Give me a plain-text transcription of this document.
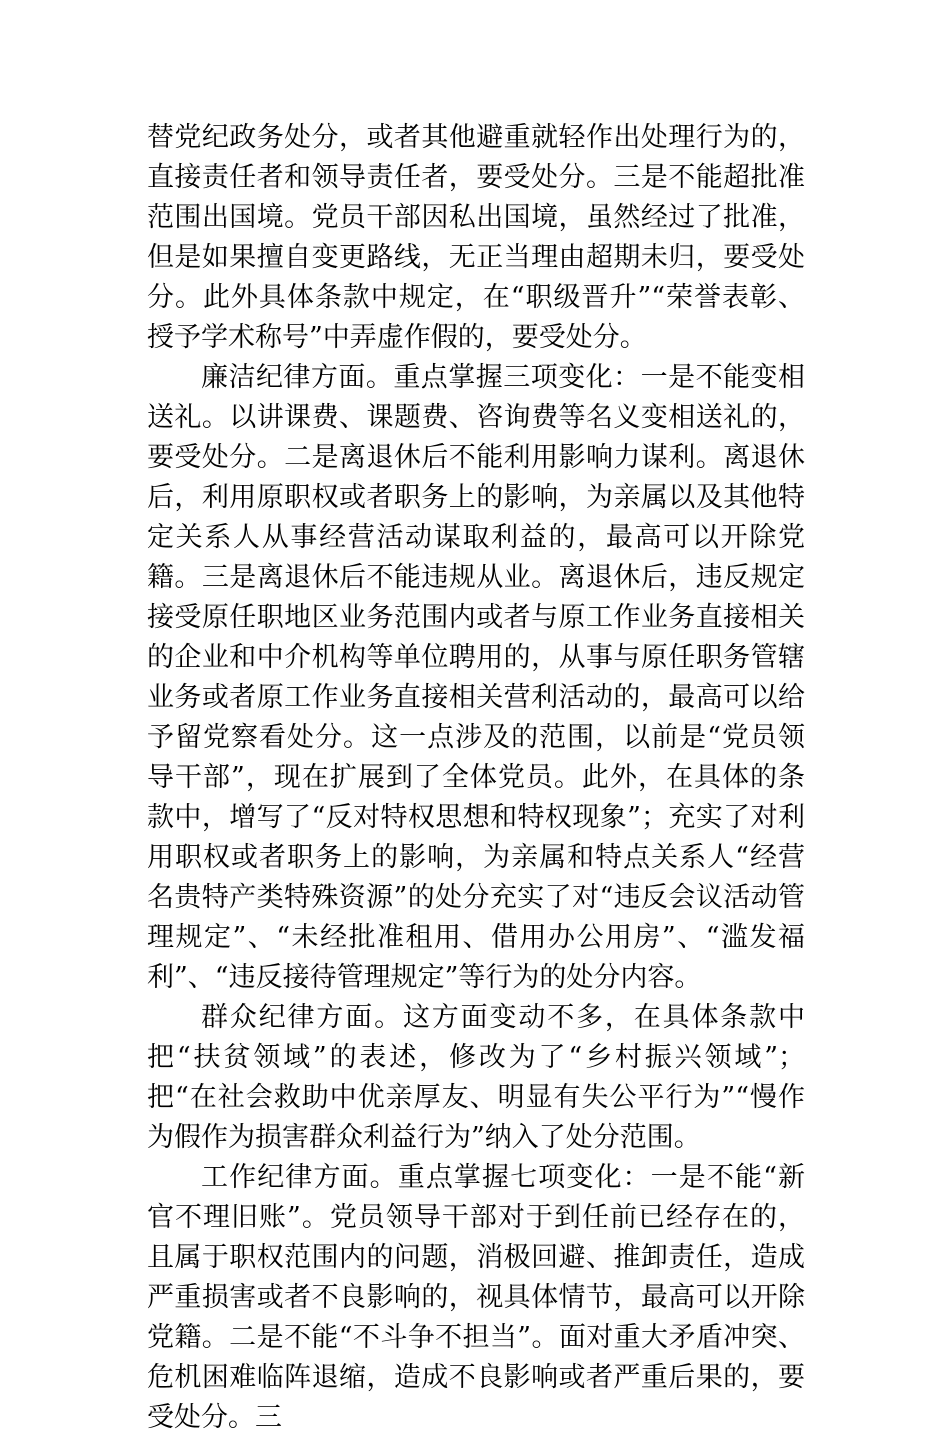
替党纪政务处分，或者其他避重就轻作出处理行为的，直接责任者和领导责任者，要受处分。三是不能超批准范围出国境。党员干部因私出国境，虽然经过了批准，但是如果擅自变更路线，无正当理由超期未归，要受处分。此外具体条款中规定，在“职级晋升”“荣誉表彰、授予学术称号”中弄虚作假的，要受处分。

廉洁纪律方面。重点掌握三项变化：一是不能变相送礼。以讲课费、课题费、咨询费等名义变相送礼的，要受处分。二是离退休后不能利用影响力谋利。离退休后，利用原职权或者职务上的影响，为亲属以及其他特定关系人从事经营活动谋取利益的，最高可以开除党籍。三是离退休后不能违规从业。离退休后，违反规定接受原任职地区业务范围内或者与原工作业务直接相关的企业和中介机构等单位聘用的，从事与原任职务管辖业务或者原工作业务直接相关营利活动的，最高可以给予留党察看处分。这一点涉及的范围，以前是“党员领导干部”，现在扩展到了全体党员。此外，在具体的条款中，增写了“反对特权思想和特权现象”；充实了对利用职权或者职务上的影响，为亲属和特点关系人“经营名贵特产类特殊资源”的处分充实了对“违反会议活动管理规定”、“未经批准租用、借用办公用房”、“滥发福利”、“违反接待管理规定”等行为的处分内容。

群众纪律方面。这方面变动不多，在具体条款中把“扶贫领域”的表述，修改为了“乡村振兴领域”；把“在社会救助中优亲厚友、明显有失公平行为”“慢作为假作为损害群众利益行为”纳入了处分范围。

工作纪律方面。重点掌握七项变化：一是不能“新官不理旧账”。党员领导干部对于到任前已经存在的，且属于职权范围内的问题，消极回避、推卸责任，造成严重损害或者不良影响的，视具体情节，最高可以开除党籍。二是不能“不斗争不担当”。面对重大矛盾冲突、危机困难临阵退缩，造成不良影响或者严重后果的，要受处分。三
